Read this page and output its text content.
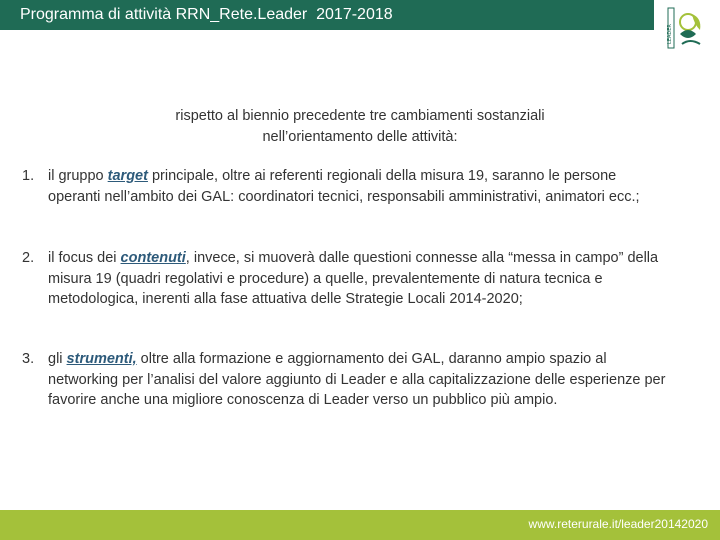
Programma di attività RRN_Rete.Leader  2017-2018
LEADER
rispetto al biennio precedente tre cambiamenti sostanziali
nell’orientamento delle attività:
1. il gruppo target principale, oltre ai referenti regionali della misura 19, saranno le persone operanti nell’ambito dei GAL: coordinatori tecnici, responsabili amministrativi, animatori ecc.;
2. il focus dei contenuti, invece, si muoverà dalle questioni connesse alla “messa in campo” della misura 19 (quadri regolativi e procedure) a quelle, prevalentemente di natura tecnica e metodologica, inerenti alla fase attuativa delle Strategie Locali 2014-2020;
3. gli strumenti, oltre alla formazione e aggiornamento dei GAL, daranno ampio spazio al networking per l’analisi del valore aggiunto di Leader e alla capitalizzazione delle esperienze per favorire anche una migliore conoscenza di Leader verso un pubblico più ampio.
www.reterurale.it/leader20142020
